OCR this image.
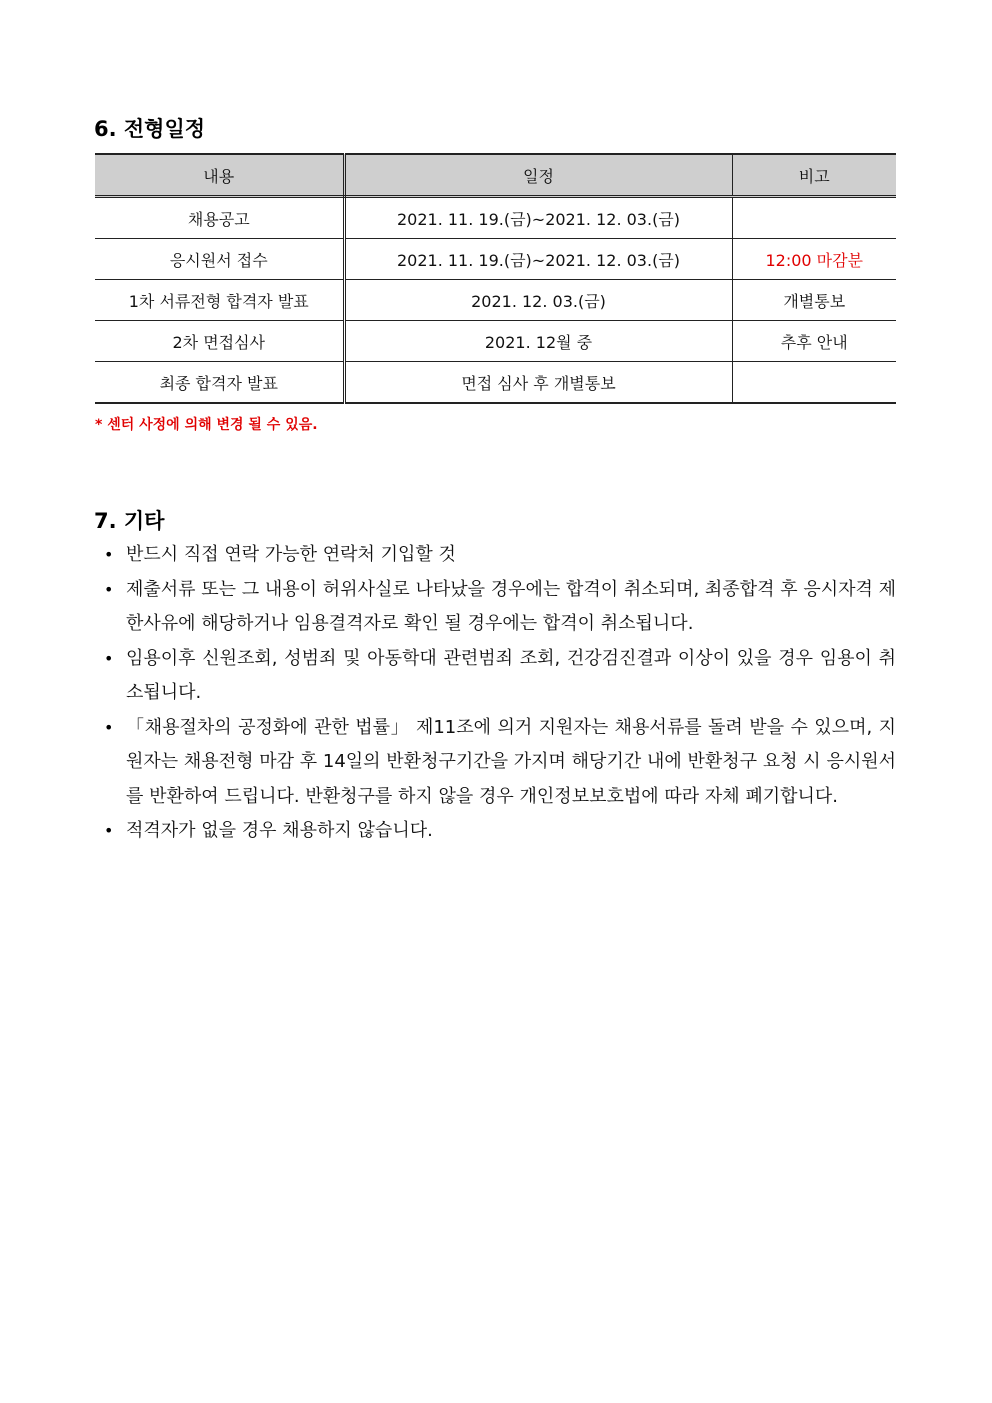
6. 전형일정
내용	일정	비고
채용공고	2021. 11. 19.(금)~2021. 12. 03.(금)	
응시원서 접수	2021. 11. 19.(금)~2021. 12. 03.(금)	12:00 마감분
1차 서류전형 합격자 발표	2021. 12. 03.(금)	개별통보
2차 면접심사	2021. 12월 중	추후 안내
최종 합격자 발표	면접 심사 후 개별통보	

* 센터 사정에 의해 변경 될 수 있음.

7. 기타
• 반드시 직접 연락 가능한 연락처 기입할 것
• 제출서류 또는 그 내용이 허위사실로 나타났을 경우에는 합격이 취소되며, 최종합격 후 응시자격 제한사유에 해당하거나 임용결격자로 확인 될 경우에는 합격이 취소됩니다.
• 임용이후 신원조회, 성범죄 및 아동학대 관련범죄 조회, 건강검진결과 이상이 있을 경우 임용이 취소됩니다.
• 「채용절차의 공정화에 관한 법률」 제11조에 의거 지원자는 채용서류를 돌려 받을 수 있으며, 지원자는 채용전형 마감 후 14일의 반환청구기간을 가지며 해당기간 내에 반환청구 요청 시 응시원서를 반환하여 드립니다. 반환청구를 하지 않을 경우 개인정보보호법에 따라 자체 폐기합니다.
• 적격자가 없을 경우 채용하지 않습니다.
